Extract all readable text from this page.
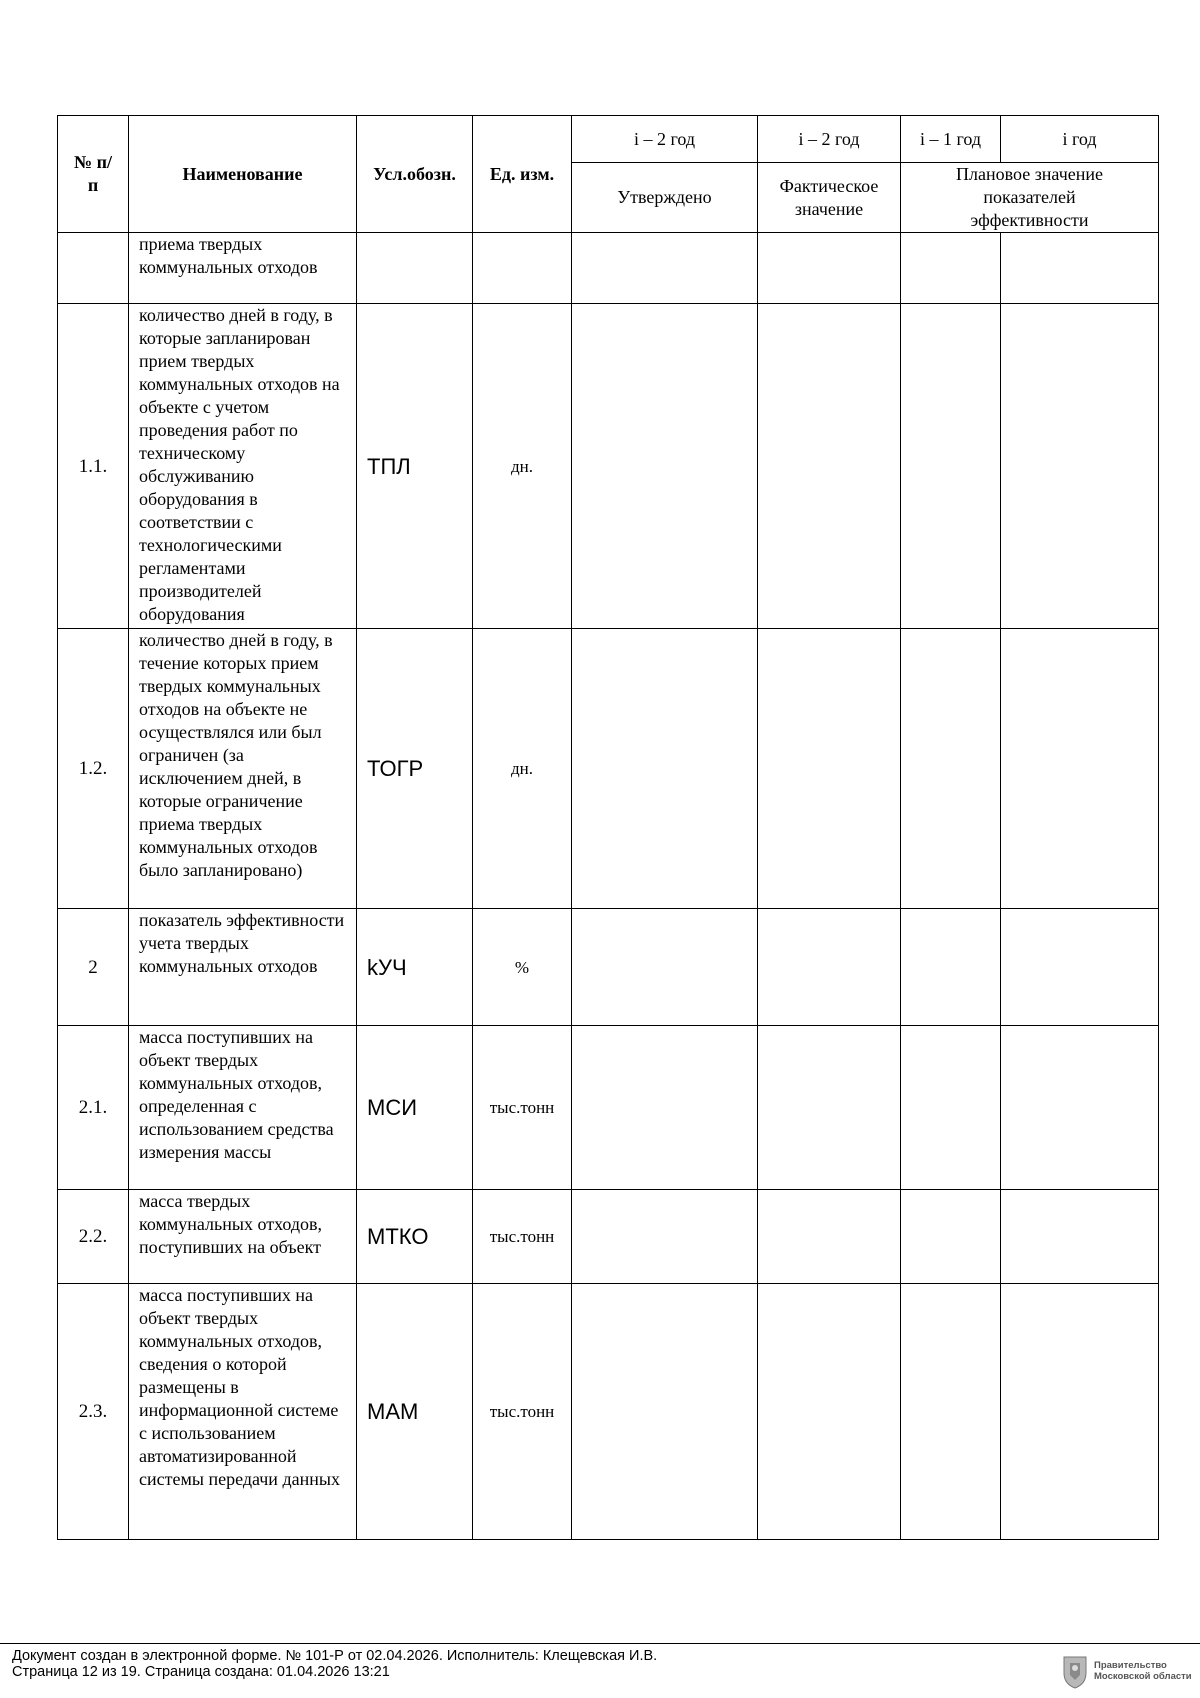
№ п/п	Наименование	Усл.обозн.	Ед. изм.	i – 2 год	i – 2 год	i – 1 год	i год
				Утверждено	Фактическое значение	Плановое значение показателей эффективности	
	приема твердых коммунальных отходов						
1.1.	количество дней в году, в которые запланирован прием твердых коммунальных отходов на объекте с учетом проведения работ по техническому обслуживанию оборудования в соответствии с технологическими регламентами производителей оборудования	ТПЛ	дн.				
1.2.	количество дней в году, в течение которых прием твердых коммунальных отходов на объекте не осуществлялся или был ограничен (за исключением дней, в которые ограничение приема твердых коммунальных отходов было запланировано)	ТОГР	дн.				
2	показатель эффективности учета твердых коммунальных отходов	kУЧ	%				
2.1.	масса поступивших на объект твердых коммунальных отходов, определенная с использованием средства измерения массы	МСИ	тыс.тонн				
2.2.	масса твердых коммунальных отходов, поступивших на объект	МТКО	тыс.тонн				
2.3.	масса поступивших на объект твердых коммунальных отходов, сведения о которой размещены в информационной системе с использованием автоматизированной системы передачи данных	МАМ	тыс.тонн				
Документ создан в электронной форме. № 101-Р от 02.04.2026. Исполнитель: Клещевская И.В.
Страница 12 из 19. Страница создана: 01.04.2026 13:21	Правительство
Московской области
